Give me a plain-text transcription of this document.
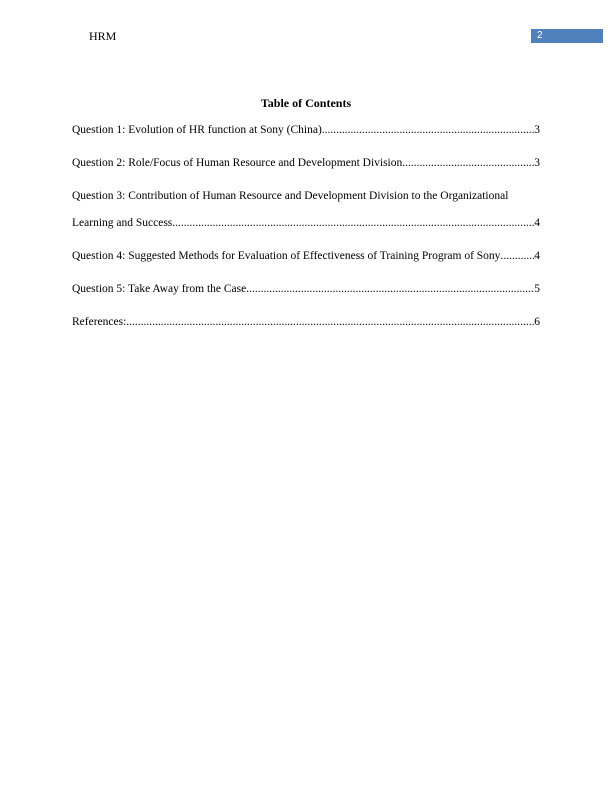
HRM	2
Table of Contents
Question 1: Evolution of HR function at Sony (China) .....	3
Question 2: Role/Focus of Human Resource and Development Division .....	3
Question 3: Contribution of Human Resource and Development Division to the Organizational
Learning and Success .....	4
Question 4: Suggested Methods for Evaluation of Effectiveness of Training Program of Sony .....	4
Question 5: Take Away from the Case .....	5
References: .....	6
